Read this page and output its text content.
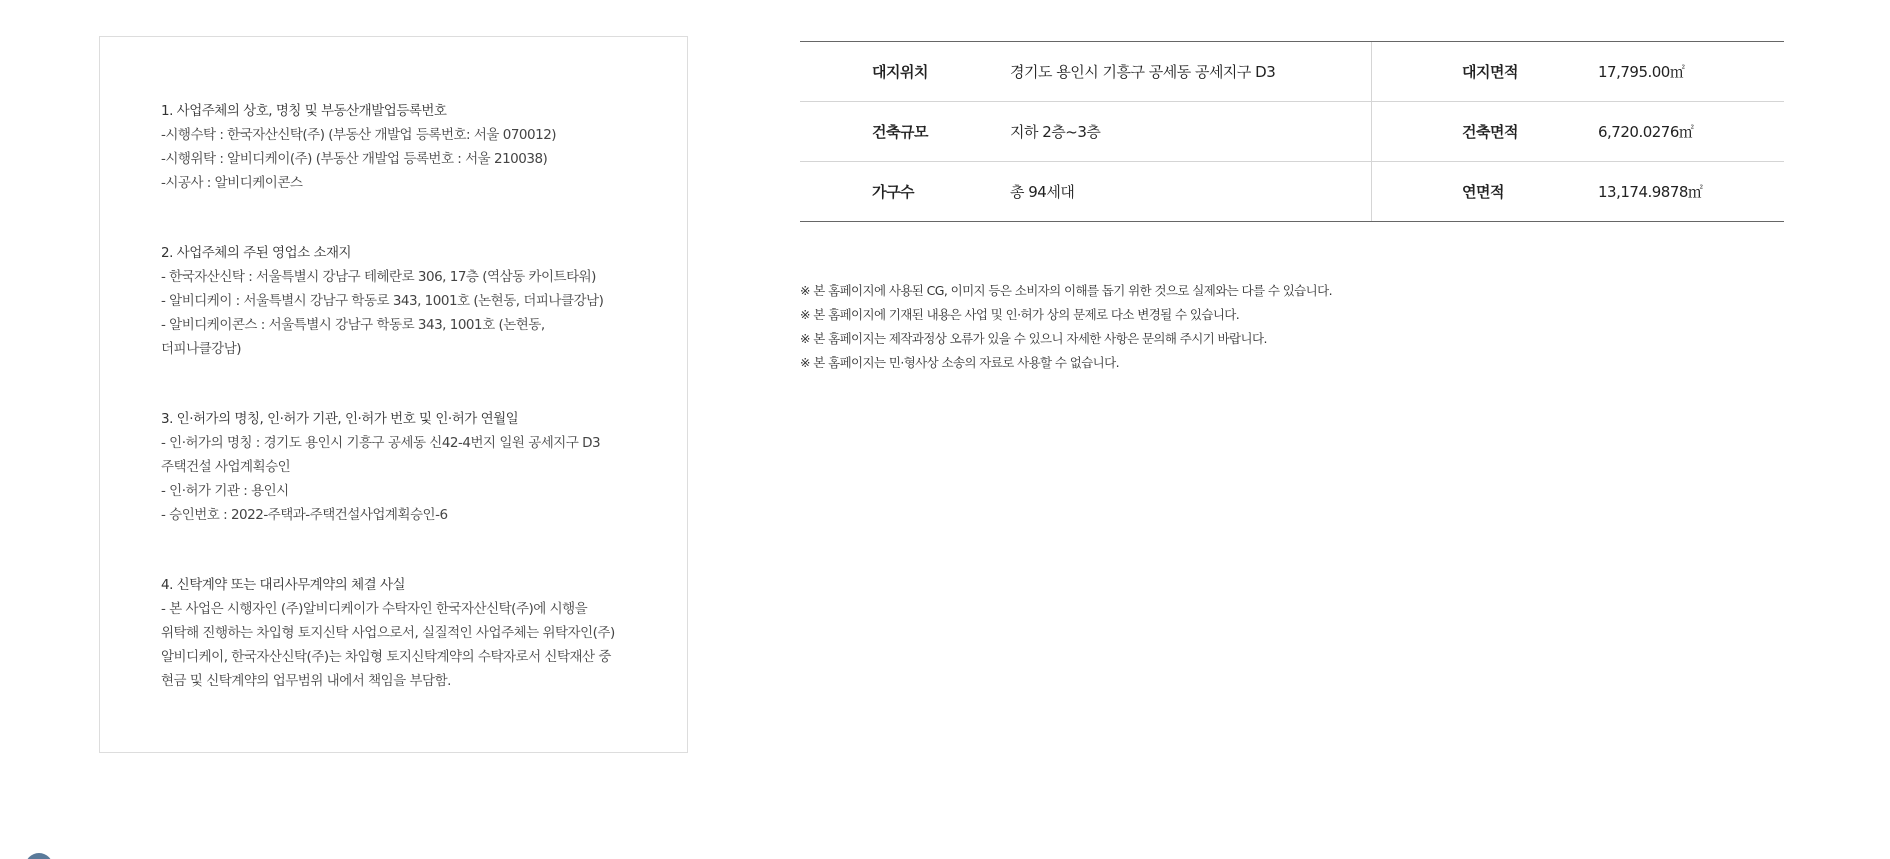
1. 사업주체의 상호, 명칭 및 부동산개발업등록번호
-시행수탁 : 한국자산신탁(주) (부동산 개발업 등록번호: 서울 070012)
-시행위탁 : 알비디케이(주) (부동산 개발업 등록번호 : 서울 210038)
-시공사 : 알비디케이콘스
2. 사업주체의 주된 영업소 소재지
- 한국자산신탁 : 서울특별시 강남구 테헤란로 306, 17층 (역삼동 카이트타워)
- 알비디케이 : 서울특별시 강남구 학동로 343, 1001호 (논현동, 더피나클강남)
- 알비디케이콘스 : 서울특별시 강남구 학동로 343, 1001호 (논현동,
더피나클강남)
3. 인·허가의 명칭, 인·허가 기관, 인·허가 번호 및 인·허가 연월일
- 인·허가의 명칭 : 경기도 용인시 기흥구 공세동 신42-4번지 일원 공세지구 D3
주택건설 사업계획승인
- 인·허가 기관 : 용인시
- 승인번호 : 2022-주택과-주택건설사업계획승인-6
4. 신탁계약 또는 대리사무계약의 체결 사실
- 본 사업은 시행자인 (주)알비디케이가 수탁자인 한국자산신탁(주)에 시행을
위탁해 진행하는 차입형 토지신탁 사업으로서, 실질적인 사업주체는 위탁자인(주)
알비디케이, 한국자산신탁(주)는 차입형 토지신탁계약의 수탁자로서 신탁재산 중
현금 및 신탁계약의 업무범위 내에서 책임을 부담함.
대지위치	경기도 용인시 기흥구 공세동 공세지구 D3	대지면적	17,795.00㎡
건축규모	지하 2층~3층	건축면적	6,720.0276㎡
가구수	총 94세대	연면적	13,174.9878㎡
※ 본 홈페이지에 사용된 CG, 이미지 등은 소비자의 이해를 돕기 위한 것으로 실제와는 다를 수 있습니다.
※ 본 홈페이지에 기재된 내용은 사업 및 인·허가 상의 문제로 다소 변경될 수 있습니다.
※ 본 홈페이지는 제작과정상 오류가 있을 수 있으니 자세한 사항은 문의해 주시기 바랍니다.
※ 본 홈페이지는 민·형사상 소송의 자료로 사용할 수 없습니다.
